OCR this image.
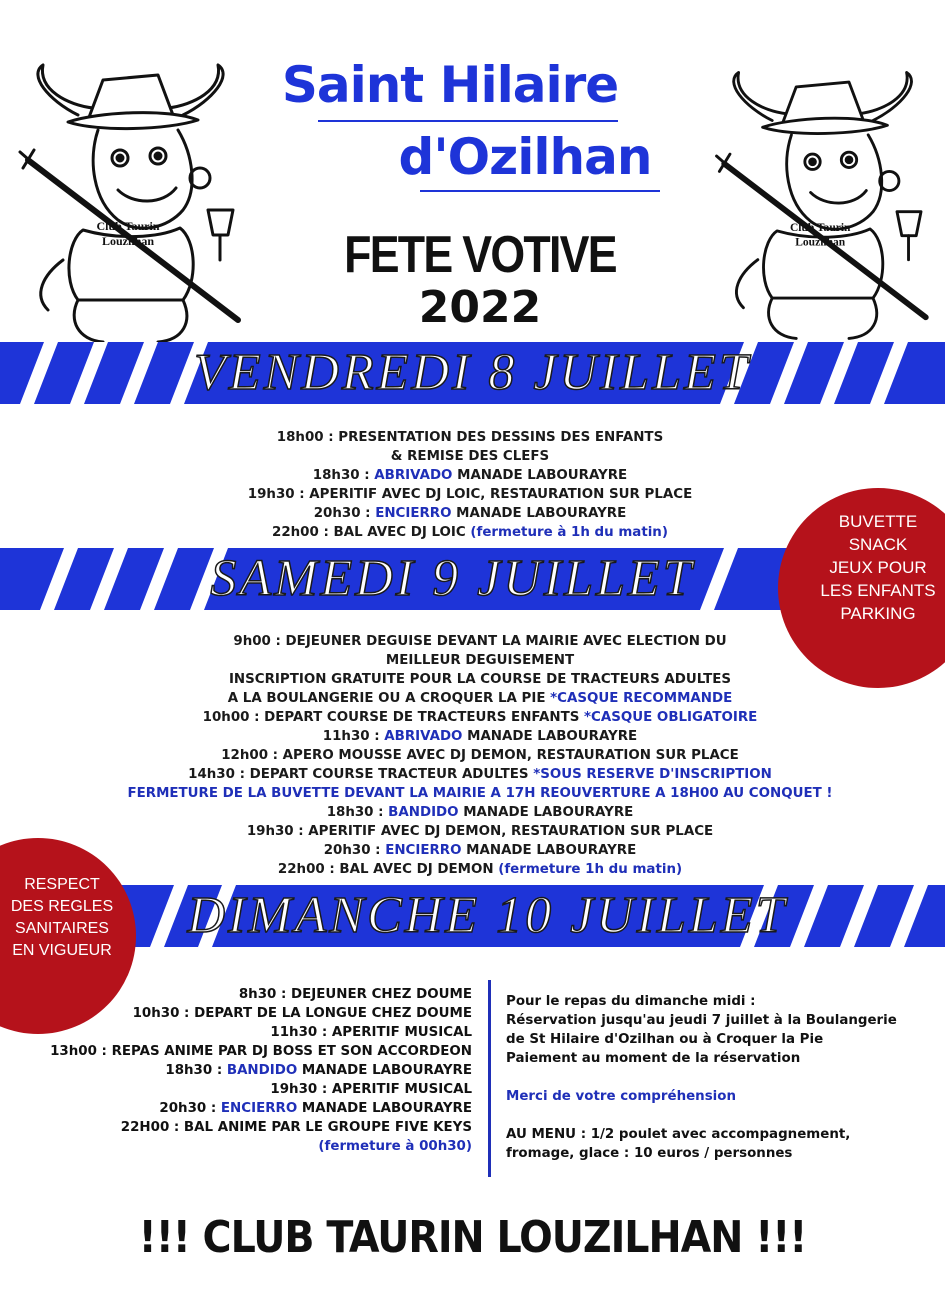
Club Taurin
Louzilhan
Club Taurin
Louzilhan
Saint Hilaire
d'Ozilhan
FETE VOTIVE
2022
VENDREDI 8 JUILLET
18h00 : PRESENTATION DES DESSINS DES ENFANTS
& REMISE DES CLEFS
18h30 : ABRIVADO MANADE LABOURAYRE
19h30 : APERITIF AVEC DJ LOIC, RESTAURATION SUR PLACE
20h30 : ENCIERRO MANADE LABOURAYRE
22h00 : BAL AVEC DJ LOIC (fermeture à 1h du matin)
SAMEDI 9 JUILLET
9h00 : DEJEUNER DEGUISE DEVANT LA MAIRIE AVEC ELECTION DU
MEILLEUR DEGUISEMENT
INSCRIPTION GRATUITE POUR LA COURSE DE TRACTEURS ADULTES
A LA BOULANGERIE OU A CROQUER LA PIE *CASQUE RECOMMANDE
10h00 : DEPART COURSE DE TRACTEURS ENFANTS *CASQUE OBLIGATOIRE
11h30 : ABRIVADO MANADE LABOURAYRE
12h00 : APERO MOUSSE AVEC DJ DEMON, RESTAURATION SUR PLACE
14h30 : DEPART COURSE TRACTEUR ADULTES *SOUS RESERVE D'INSCRIPTION
FERMETURE DE LA BUVETTE DEVANT LA MAIRIE A 17H REOUVERTURE A 18H00 AU CONQUET !
18h30 : BANDIDO MANADE LABOURAYRE
19h30 : APERITIF AVEC DJ DEMON, RESTAURATION SUR PLACE
20h30 : ENCIERRO MANADE LABOURAYRE
22h00 : BAL AVEC DJ DEMON (fermeture 1h du matin)
DIMANCHE 10 JUILLET
BUVETTE
SNACK
JEUX POUR
LES ENFANTS
PARKING
RESPECT
DES REGLES
SANITAIRES
EN VIGUEUR
8h30 : DEJEUNER CHEZ DOUME
10h30 : DEPART DE LA LONGUE CHEZ DOUME
11h30 : APERITIF MUSICAL
13h00 : REPAS ANIME PAR DJ BOSS ET SON ACCORDEON
18h30 : BANDIDO MANADE LABOURAYRE
19h30 : APERITIF MUSICAL
20h30 : ENCIERRO MANADE LABOURAYRE
22H00 : BAL ANIME PAR LE GROUPE FIVE KEYS
(fermeture à 00h30)
Pour le repas du dimanche midi :
Réservation jusqu'au jeudi 7 juillet à la Boulangerie
de St Hilaire d'Ozilhan ou à Croquer la Pie
Paiement au moment de la réservation

Merci de votre compréhension

AU MENU : 1/2 poulet avec accompagnement,
fromage, glace : 10 euros / personnes
!!! CLUB TAURIN LOUZILHAN !!!
